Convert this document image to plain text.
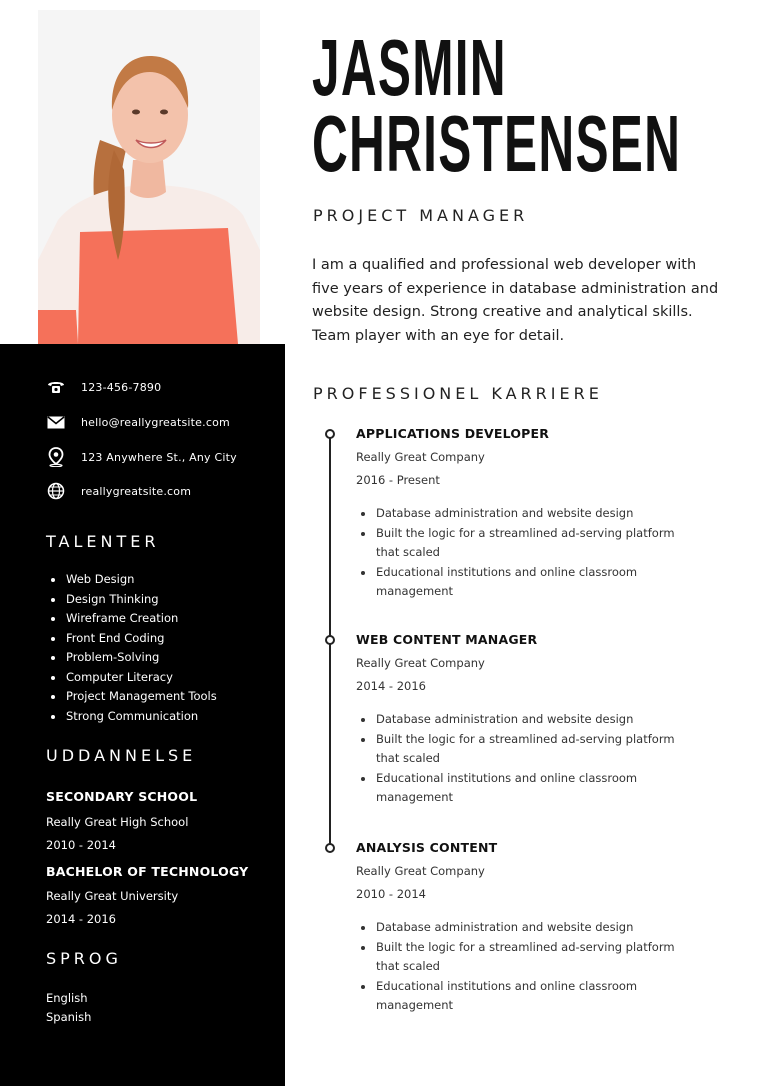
123-456-7890
hello@reallygreatsite.com
123 Anywhere St., Any City
reallygreatsite.com
TALENTER
Web Design
Design Thinking
Wireframe Creation
Front End Coding
Problem-Solving
Computer Literacy
Project Management Tools
Strong Communication
UDDANNELSE
SECONDARY SCHOOL
Really Great High School
2010 - 2014
BACHELOR OF TECHNOLOGY
Really Great University
2014 - 2016
SPROG
English
Spanish
JASMIN
CHRISTENSEN
PROJECT MANAGER
I am a qualified and professional web developer with five years of experience in database administration and website design. Strong creative and analytical skills. Team player with an eye for detail.
PROFESSIONEL KARRIERE
APPLICATIONS DEVELOPER
Really Great Company
2016 - Present
Database administration and website design
Built the logic for a streamlined ad-serving platform that scaled
Educational institutions and online classroom management
WEB CONTENT MANAGER
Really Great Company
2014 - 2016
Database administration and website design
Built the logic for a streamlined ad-serving platform that scaled
Educational institutions and online classroom management
ANALYSIS CONTENT
Really Great Company
2010 - 2014
Database administration and website design
Built the logic for a streamlined ad-serving platform that scaled
Educational institutions and online classroom management
